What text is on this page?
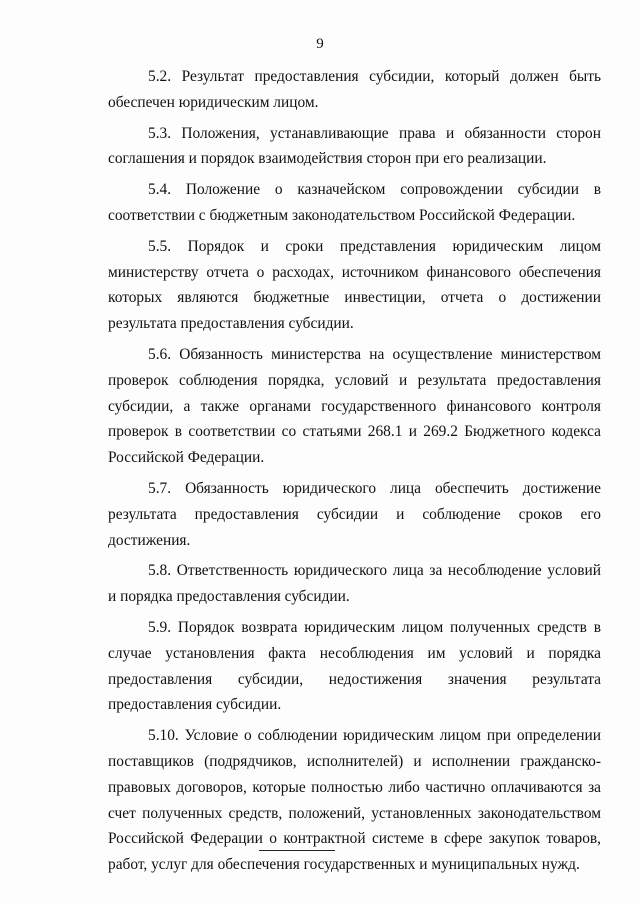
9

5.2. Результат предоставления субсидии, который должен быть обеспечен юридическим лицом.

5.3. Положения, устанавливающие права и обязанности сторон соглашения и порядок взаимодействия сторон при его реализации.

5.4. Положение о казначейском сопровождении субсидии в соответствии с бюджетным законодательством Российской Федерации.

5.5. Порядок и сроки представления юридическим лицом министерству отчета о расходах, источником финансового обеспечения которых являются бюджетные инвестиции, отчета о достижении результата предоставления субсидии.

5.6. Обязанность министерства на осуществление министерством проверок соблюдения порядка, условий и результата предоставления субсидии, а также органами государственного финансового контроля проверок в соответствии со статьями 268.1 и 269.2 Бюджетного кодекса Российской Федерации.

5.7. Обязанность юридического лица обеспечить достижение результата предоставления субсидии и соблюдение сроков его достижения.

5.8. Ответственность юридического лица за несоблюдение условий и порядка предоставления субсидии.

5.9. Порядок возврата юридическим лицом полученных средств в случае установления факта несоблюдения им условий и порядка предоставления субсидии, недостижения значения результата предоставления субсидии.

5.10. Условие о соблюдении юридическим лицом при определении поставщиков (подрядчиков, исполнителей) и исполнении гражданско-правовых договоров, которые полностью либо частично оплачиваются за счет полученных средств, положений, установленных законодательством Российской Федерации о контрактной системе в сфере закупок товаров, работ, услуг для обеспечения государственных и муниципальных нужд.
